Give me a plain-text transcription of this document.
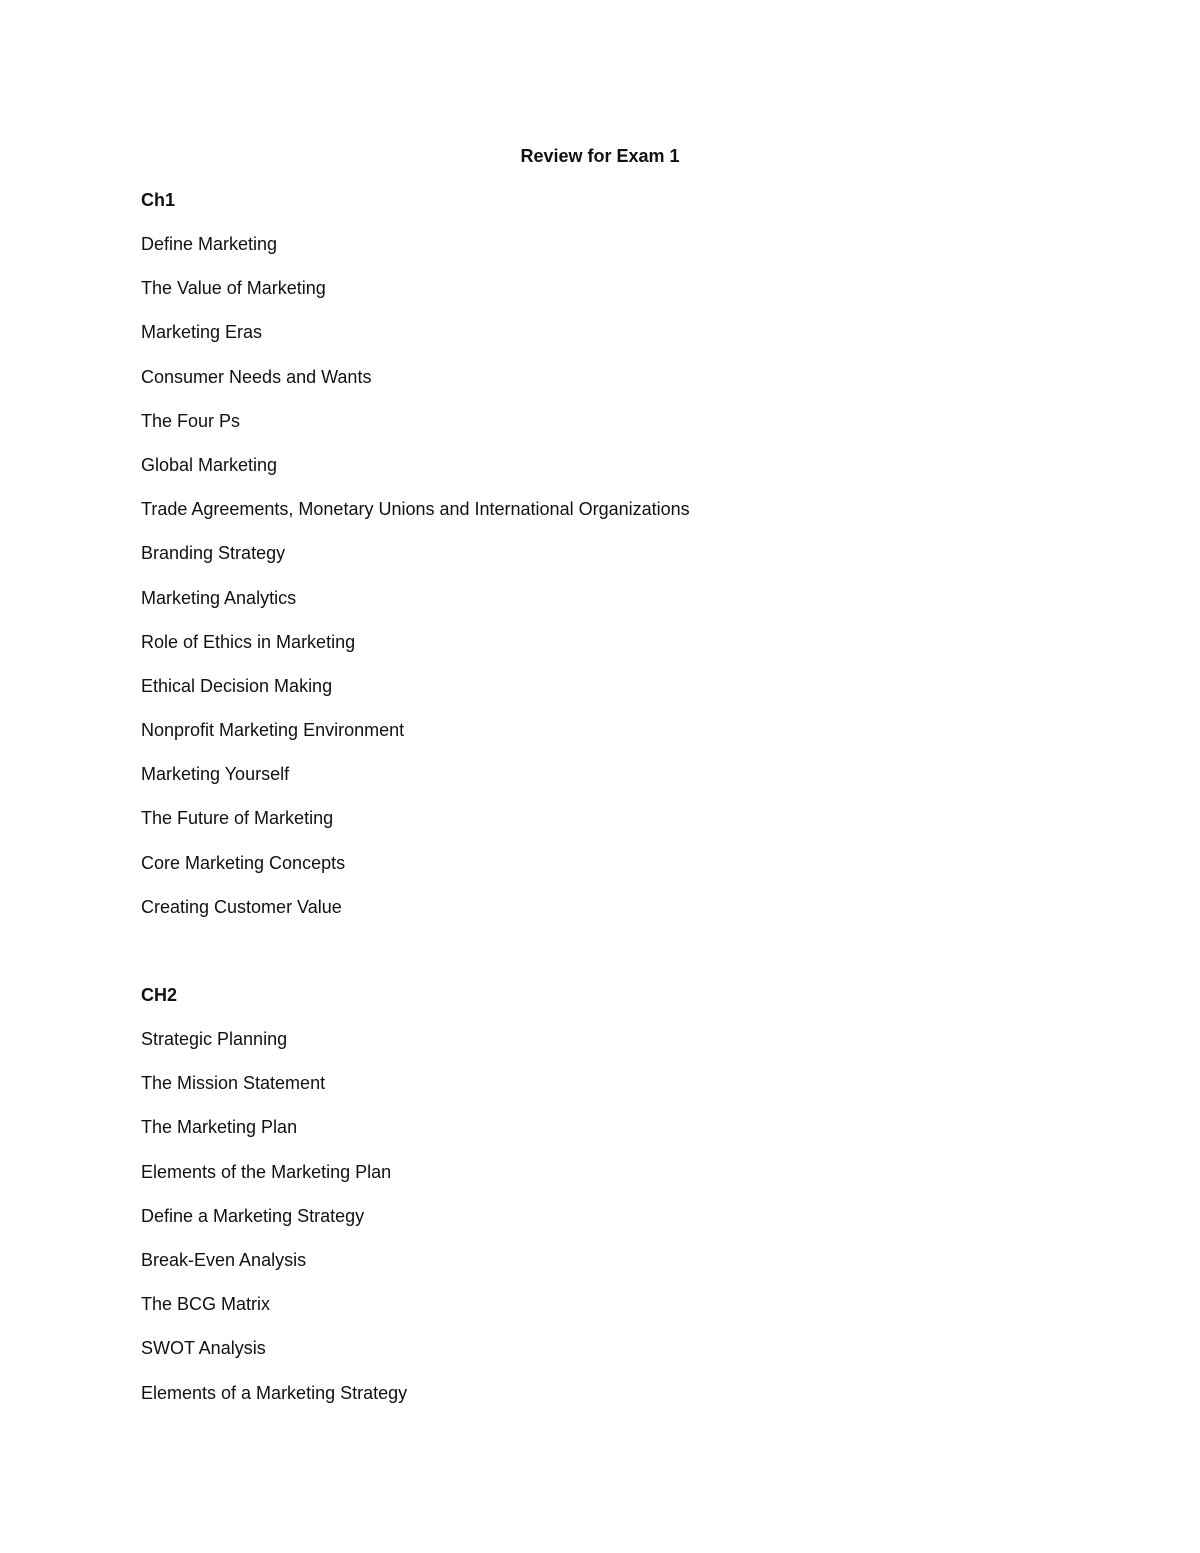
Review for Exam 1
Ch1
Define Marketing
The Value of Marketing
Marketing Eras
Consumer Needs and Wants
The Four Ps
Global Marketing
Trade Agreements, Monetary Unions and International Organizations
Branding Strategy
Marketing Analytics
Role of Ethics in Marketing
Ethical Decision Making
Nonprofit Marketing Environment
Marketing Yourself
The Future of Marketing
Core Marketing Concepts
Creating Customer Value
CH2
Strategic Planning
The Mission Statement
The Marketing Plan
Elements of the Marketing Plan
Define a Marketing Strategy
Break-Even Analysis
The BCG Matrix
SWOT Analysis
Elements of a Marketing Strategy
